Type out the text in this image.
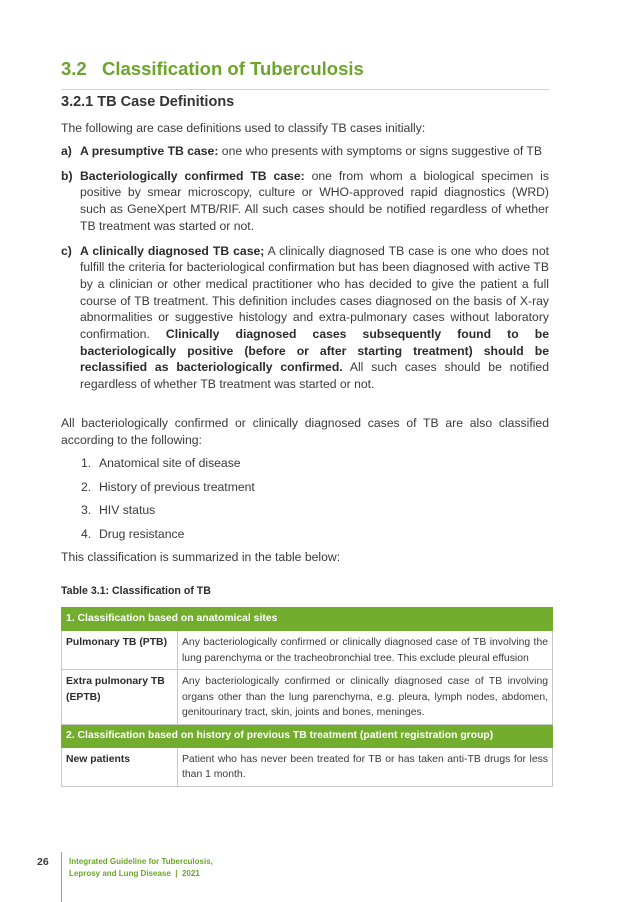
3.2 Classification of Tuberculosis
3.2.1 TB Case Definitions

The following are case definitions used to classify TB cases initially:

a) A presumptive TB case: one who presents with symptoms or signs suggestive of TB
b) Bacteriologically confirmed TB case: one from whom a biological specimen is positive by smear microscopy, culture or WHO-approved rapid diagnostics (WRD) such as GeneXpert MTB/RIF. All such cases should be notified regardless of whether TB treatment was started or not.
c) A clinically diagnosed TB case; A clinically diagnosed TB case is one who does not fulfill the criteria for bacteriological confirmation but has been diagnosed with active TB by a clinician or other medical practitioner who has decided to give the patient a full course of TB treatment. This definition includes cases diagnosed on the basis of X-ray abnormalities or suggestive histology and extra-pulmonary cases without laboratory confirmation. Clinically diagnosed cases subsequently found to be bacteriologically positive (before or after starting treatment) should be reclassified as bacteriologically confirmed. All such cases should be notified regardless of whether TB treatment was started or not.

All bacteriologically confirmed or clinically diagnosed cases of TB are also classified according to the following:

1. Anatomical site of disease
2. History of previous treatment
3. HIV status
4. Drug resistance

This classification is summarized in the table below:

Table 3.1: Classification of TB

1. Classification based on anatomical sites	
Pulmonary TB (PTB)	Any bacteriologically confirmed or clinically diagnosed case of TB involving the lung parenchyma or the tracheobronchial tree. This exclude pleural effusion
Extra pulmonary TB (EPTB)	Any bacteriologically confirmed or clinically diagnosed case of TB involving organs other than the lung parenchyma, e.g. pleura, lymph nodes, abdomen, genitourinary tract, skin, joints and bones, meninges.
2. Classification based on history of previous TB treatment (patient registration group)	
New patients	Patient who has never been treated for TB or has taken anti-TB drugs for less than 1 month.
26	Integrated Guideline for Tuberculosis,
Leprosy and Lung Disease | 2021
